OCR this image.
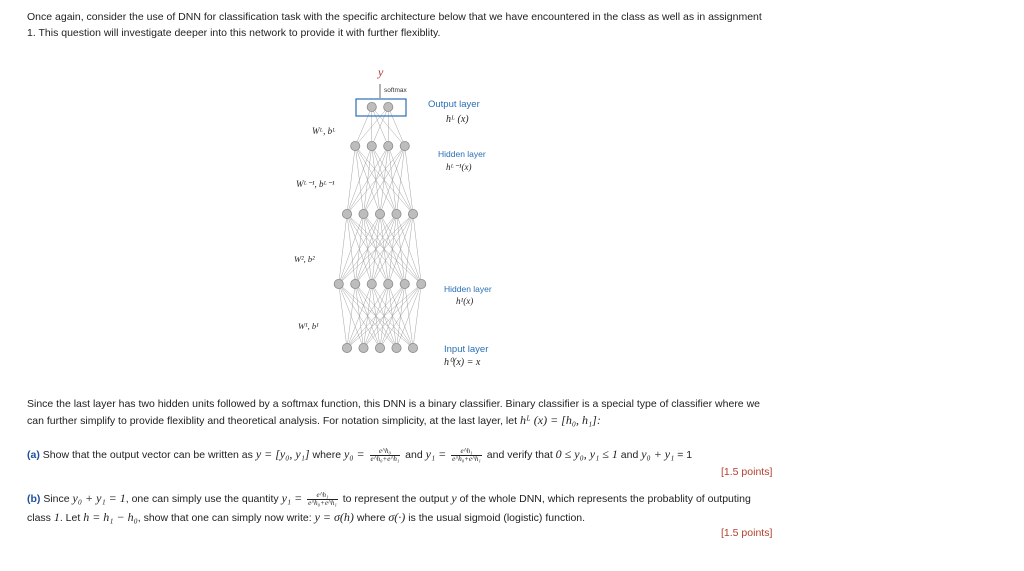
Once again, consider the use of DNN for classification task with the specific architecture below that we have encountered in the class as well as in assignment
1. This question will investigate deeper into this network to provide it with further flexiblity.
y
softmax
Output layer
hᴸ (x)
Hidden layer
hᴸ⁻¹(x)
Hidden layer
h¹(x)
Input layer
h⁰(x) = x
Wᴸ, bᴸ
Wᴸ⁻¹, bᴸ⁻¹
W², b²
W¹, b¹
Since the last layer has two hidden units followed by a softmax function, this DNN is a binary classifier. Binary classifier is a special type of classifier where we
can further simplify to provide flexiblity and theoretical analysis. For notation simplicity, at the last layer, let hᴸ (x) = [h₀, h₁]:
(a) Show that the output vector can be written as y = [y₀, y₁] where $y_0 = \frac{\text{e\textasciicircum{}h₀}}{\text{e\textasciicircum{}h₀+e\textasciicircum{}h₁}}$ and $y_1 = \frac{\text{e\textasciicircum{}h₁}}{\text{e\textasciicircum{}h₀+e\textasciicircum{}h₁}}$ and verify that 0 ≤ y₀, y₁ ≤ 1 and y₀ + y₁ = 1
[1.5 points]
(b) Since y₀ + y₁ = 1, one can simply use the quantity $y_1 = \frac{\text{e\textasciicircum{}h₁}}{\text{e\textasciicircum{}h₀+e\textasciicircum{}h₁}}$ to represent the output y of the whole DNN, which represents the probablity of outputing
class 1. Let h = h₁ − h₀, show that one can simply now write: y = σ(h) where σ(·) is the usual sigmoid (logistic) function.
[1.5 points]
